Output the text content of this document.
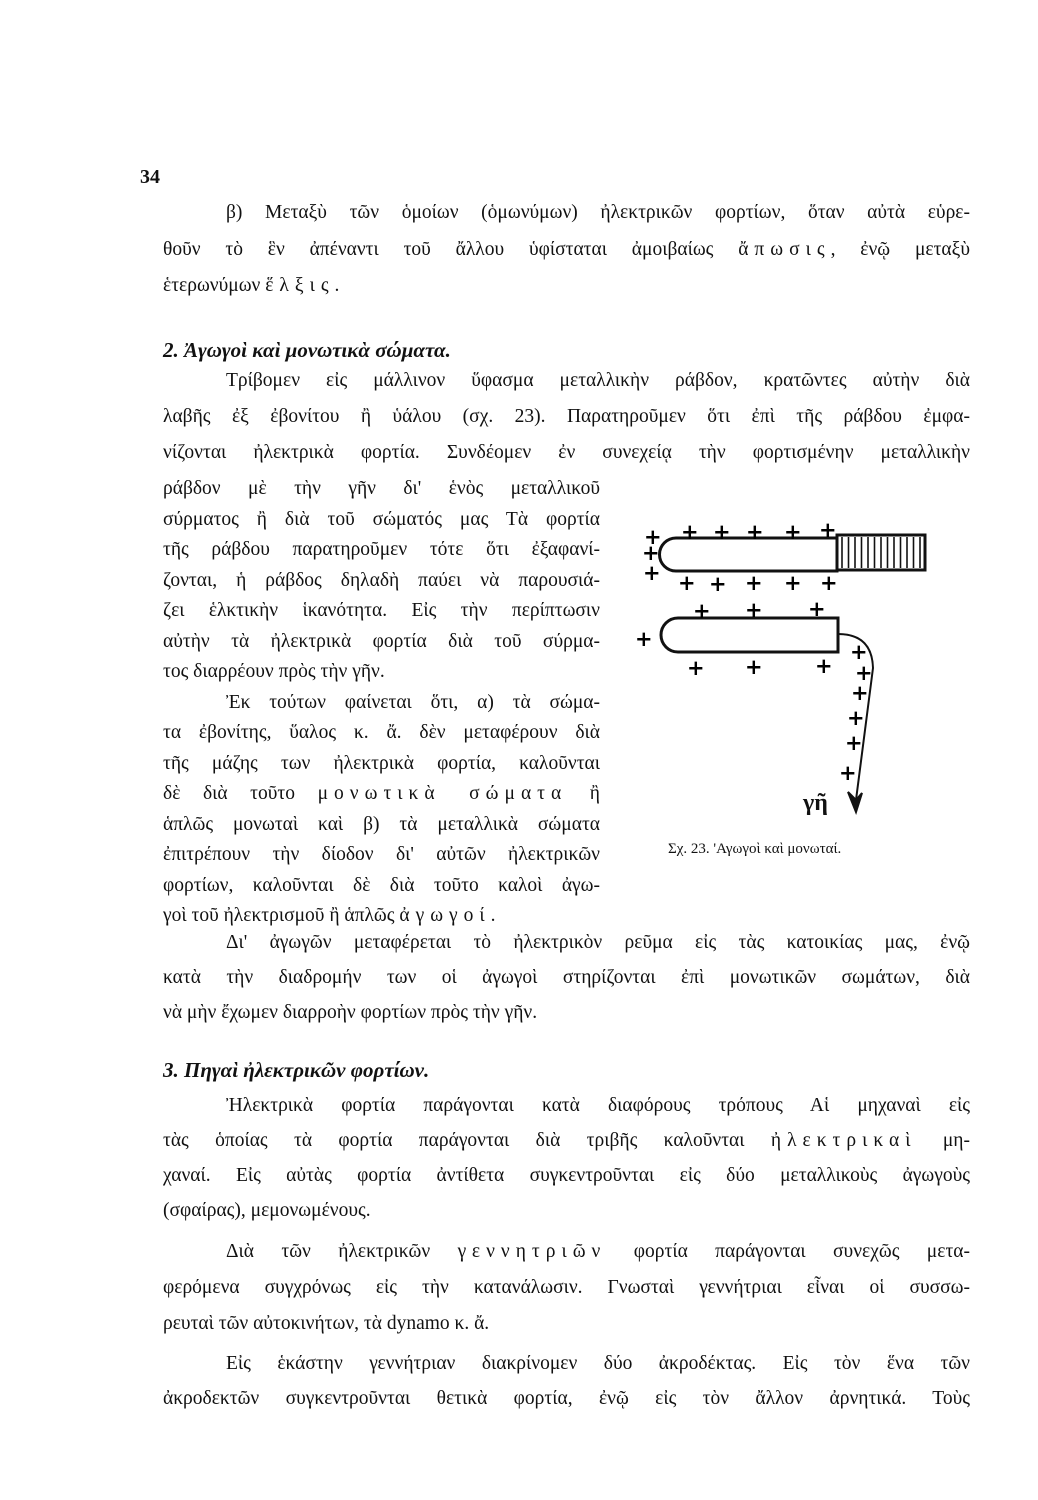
34
2. Ἀγωγοὶ καὶ μονωτικὰ σώματα.
3. Πηγαὶ ἠλεκτρικῶν φορτίων.
β) Μεταξὺ τῶν ὁμοίων (ὁμωνύμων) ἠλεκτρικῶν φορτίων, ὅταν αὐτὰ εὑρε-
θοῦν τὸ ἓν ἀπέναντι τοῦ ἄλλου ὑφίσταται ἀμοιβαίως ἄπωσις, ἐνῷ μεταξὺ
ἑτερωνύμων ἕλξις.
Τρίβομεν εἰς μάλλινον ὕφασμα μεταλλικὴν ράβδον, κρατῶντες αὐτὴν διὰ
λαβῆς ἐξ ἐβονίτου ἢ ὑάλου (σχ. 23). Παρατηροῦμεν ὅτι ἐπὶ τῆς ράβδου ἐμφα-
νίζονται ἠλεκτρικὰ φορτία. Συνδέομεν ἐν συνεχείᾳ τὴν φορτισμένην μεταλλικὴν
ράβδον μὲ τὴν γῆν δι' ἑνὸς μεταλλικοῦ
σύρματος ἢ διὰ τοῦ σώματός μας Τὰ φορτία
τῆς ράβδου παρατηροῦμεν τότε ὅτι ἐξαφανί-
ζονται, ἡ ράβδος δηλαδὴ παύει νὰ παρουσιά-
ζει ἑλκτικὴν ἱκανότητα. Εἰς τὴν περίπτωσιν
αὐτὴν τὰ ἠλεκτρικὰ φορτία διὰ τοῦ σύρμα-
τος διαρρέουν πρὸς τὴν γῆν.
Ἐκ τούτων φαίνεται ὅτι, α) τὰ σώμα-
τα ἐβονίτης, ὕαλος κ. ἄ. δὲν μεταφέρουν διὰ
τῆς μάζης των ἠλεκτρικὰ φορτία, καλοῦνται
δὲ διὰ τοῦτο μονωτικὰ σώματα ἢ
ἁπλῶς μονωταὶ καὶ β) τὰ μεταλλικὰ σώματα
ἐπιτρέπουν τὴν δίοδον δι' αὐτῶν ἠλεκτρικῶν
φορτίων, καλοῦνται δὲ διὰ τοῦτο καλοὶ ἀγω-
γοὶ τοῦ ἠλεκτρισμοῦ ἢ ἁπλῶς ἀγωγοί.
Δι' ἀγωγῶν μεταφέρεται τὸ ἠλεκτρικὸν ρεῦμα εἰς τὰς κατοικίας μας, ἐνῷ
κατὰ τὴν διαδρομήν των οἱ ἀγωγοὶ στηρίζονται ἐπὶ μονωτικῶν σωμάτων, διὰ
νὰ μὴν ἔχωμεν διαρροὴν φορτίων πρὸς τὴν γῆν.
Ἠλεκτρικὰ φορτία παράγονται κατὰ διαφόρους τρόπους Αἱ μηχαναὶ εἰς
τὰς ὁποίας τὰ φορτία παράγονται διὰ τριβῆς καλοῦνται ἠλεκτρικαὶ μη-
χαναί. Εἰς αὐτὰς φορτία ἀντίθετα συγκεντροῦνται εἰς δύο μεταλλικοὺς ἀγωγοὺς
(σφαίρας), μεμονωμένους.
Διὰ τῶν ἠλεκτρικῶν γεννητριῶν φορτία παράγονται συνεχῶς μετα-
φερόμενα συγχρόνως εἰς τὴν κατανάλωσιν. Γνωσταὶ γεννήτριαι εἶναι οἱ συσσω-
ρευταὶ τῶν αὐτοκινήτων, τὰ dynamo κ. ἄ.
Εἰς ἑκάστην γεννήτριαν διακρίνομεν δύο ἀκροδέκτας. Εἰς τὸν ἕνα τῶν
ἀκροδεκτῶν συγκεντροῦνται θετικὰ φορτία, ἐνῷ εἰς τὸν ἄλλον ἀρνητικά. Τοὺς
+
+
+
+ + + + +
+ + + + +
+ + +
+
+ + +
+
+
+
+
+
+
γῆ
Σχ. 23. 'Αγωγοὶ καὶ μονωταί.
